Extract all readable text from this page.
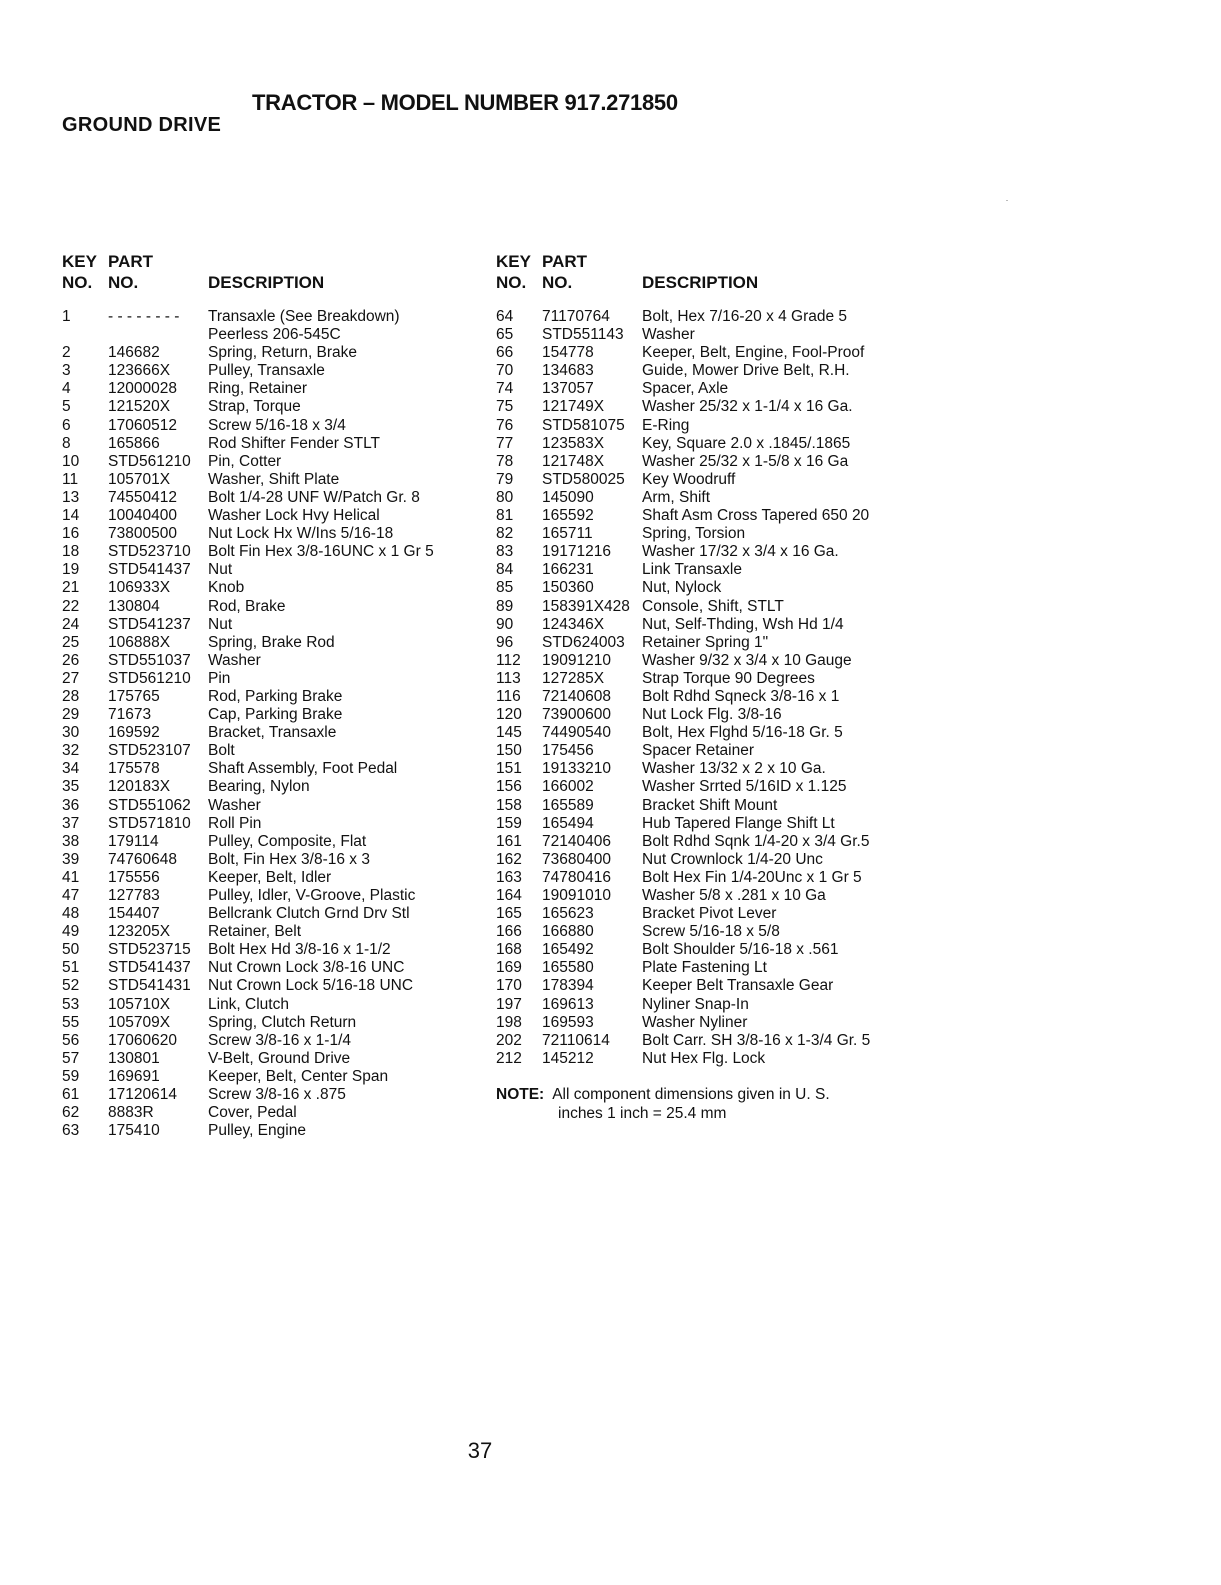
TRACTOR – MODEL NUMBER 917.271850
GROUND DRIVE
KEY
NO.
PART
NO.	DESCRIPTION
1	- - - - - - - -	Transaxle (See Breakdown)
Peerless 206-545C
2	146682	Spring, Return, Brake
3	123666X	Pulley, Transaxle
4	12000028	Ring, Retainer
5	121520X	Strap, Torque
6	17060512	Screw 5/16-18 x 3/4
8	165866	Rod Shifter Fender STLT
10	STD561210	Pin, Cotter
11	105701X	Washer, Shift Plate
13	74550412	Bolt 1/4-28 UNF W/Patch Gr. 8
14	10040400	Washer Lock Hvy Helical
16	73800500	Nut Lock Hx W/Ins 5/16-18
18	STD523710	Bolt Fin Hex 3/8-16UNC x 1 Gr 5
19	STD541437	Nut
21	106933X	Knob
22	130804	Rod, Brake
24	STD541237	Nut
25	106888X	Spring, Brake Rod
26	STD551037	Washer
27	STD561210	Pin
28	175765	Rod, Parking Brake
29	71673	Cap, Parking Brake
30	169592	Bracket, Transaxle
32	STD523107	Bolt
34	175578	Shaft Assembly, Foot Pedal
35	120183X	Bearing, Nylon
36	STD551062	Washer
37	STD571810	Roll Pin
38	179114	Pulley, Composite, Flat
39	74760648	Bolt, Fin Hex 3/8-16 x 3
41	175556	Keeper, Belt, Idler
47	127783	Pulley, Idler, V-Groove, Plastic
48	154407	Bellcrank Clutch Grnd Drv Stl
49	123205X	Retainer, Belt
50	STD523715	Bolt Hex Hd 3/8-16 x 1-1/2
51	STD541437	Nut Crown Lock 3/8-16 UNC
52	STD541431	Nut Crown Lock 5/16-18 UNC
53	105710X	Link, Clutch
55	105709X	Spring, Clutch Return
56	17060620	Screw 3/8-16 x 1-1/4
57	130801	V-Belt, Ground Drive
59	169691	Keeper, Belt, Center Span
61	17120614	Screw 3/8-16 x .875
62	8883R	Cover, Pedal
63	175410	Pulley, Engine
KEY
NO.
PART
NO.	DESCRIPTION
64	71170764	Bolt, Hex 7/16-20 x 4 Grade 5
65	STD551143	Washer
66	154778	Keeper, Belt, Engine, Fool-Proof
70	134683	Guide, Mower Drive Belt, R.H.
74	137057	Spacer, Axle
75	121749X	Washer 25/32 x 1-1/4 x 16 Ga.
76	STD581075	E-Ring
77	123583X	Key, Square 2.0 x .1845/.1865
78	121748X	Washer 25/32 x 1-5/8 x 16 Ga
79	STD580025	Key Woodruff
80	145090	Arm, Shift
81	165592	Shaft Asm Cross Tapered 650 20
82	165711	Spring, Torsion
83	19171216	Washer 17/32 x 3/4 x 16 Ga.
84	166231	Link Transaxle
85	150360	Nut, Nylock
89	158391X428 Console, Shift, STLT
90	124346X	Nut, Self-Thding, Wsh Hd 1/4
96	STD624003	Retainer Spring 1"
112	19091210	Washer 9/32 x 3/4 x 10 Gauge
113	127285X	Strap Torque 90 Degrees
116	72140608	Bolt Rdhd Sqneck 3/8-16 x 1
120	73900600	Nut Lock Flg. 3/8-16
145	74490540	Bolt, Hex Flghd 5/16-18 Gr. 5
150	175456	Spacer Retainer
151	19133210	Washer 13/32 x 2 x 10 Ga.
156	166002	Washer Srrted 5/16ID x 1.125
158	165589	Bracket Shift Mount
159	165494	Hub Tapered Flange Shift Lt
161	72140406	Bolt Rdhd Sqnk 1/4-20 x 3/4 Gr.5
162	73680400	Nut Crownlock 1/4-20 Unc
163	74780416	Bolt Hex Fin 1/4-20Unc x 1 Gr 5
164	19091010	Washer 5/8 x .281 x 10 Ga
165	165623	Bracket Pivot Lever
166	166880	Screw 5/16-18 x 5/8
168	165492	Bolt Shoulder 5/16-18 x .561
169	165580	Plate Fastening Lt
170	178394	Keeper Belt Transaxle Gear
197	169613	Nyliner Snap-In
198	169593	Washer Nyliner
202	72110614	Bolt Carr. SH 3/8-16 x 1-3/4 Gr. 5
212	145212	Nut Hex Flg. Lock
NOTE: All component dimensions given in U. S.
inches 1 inch = 25.4 mm
37
